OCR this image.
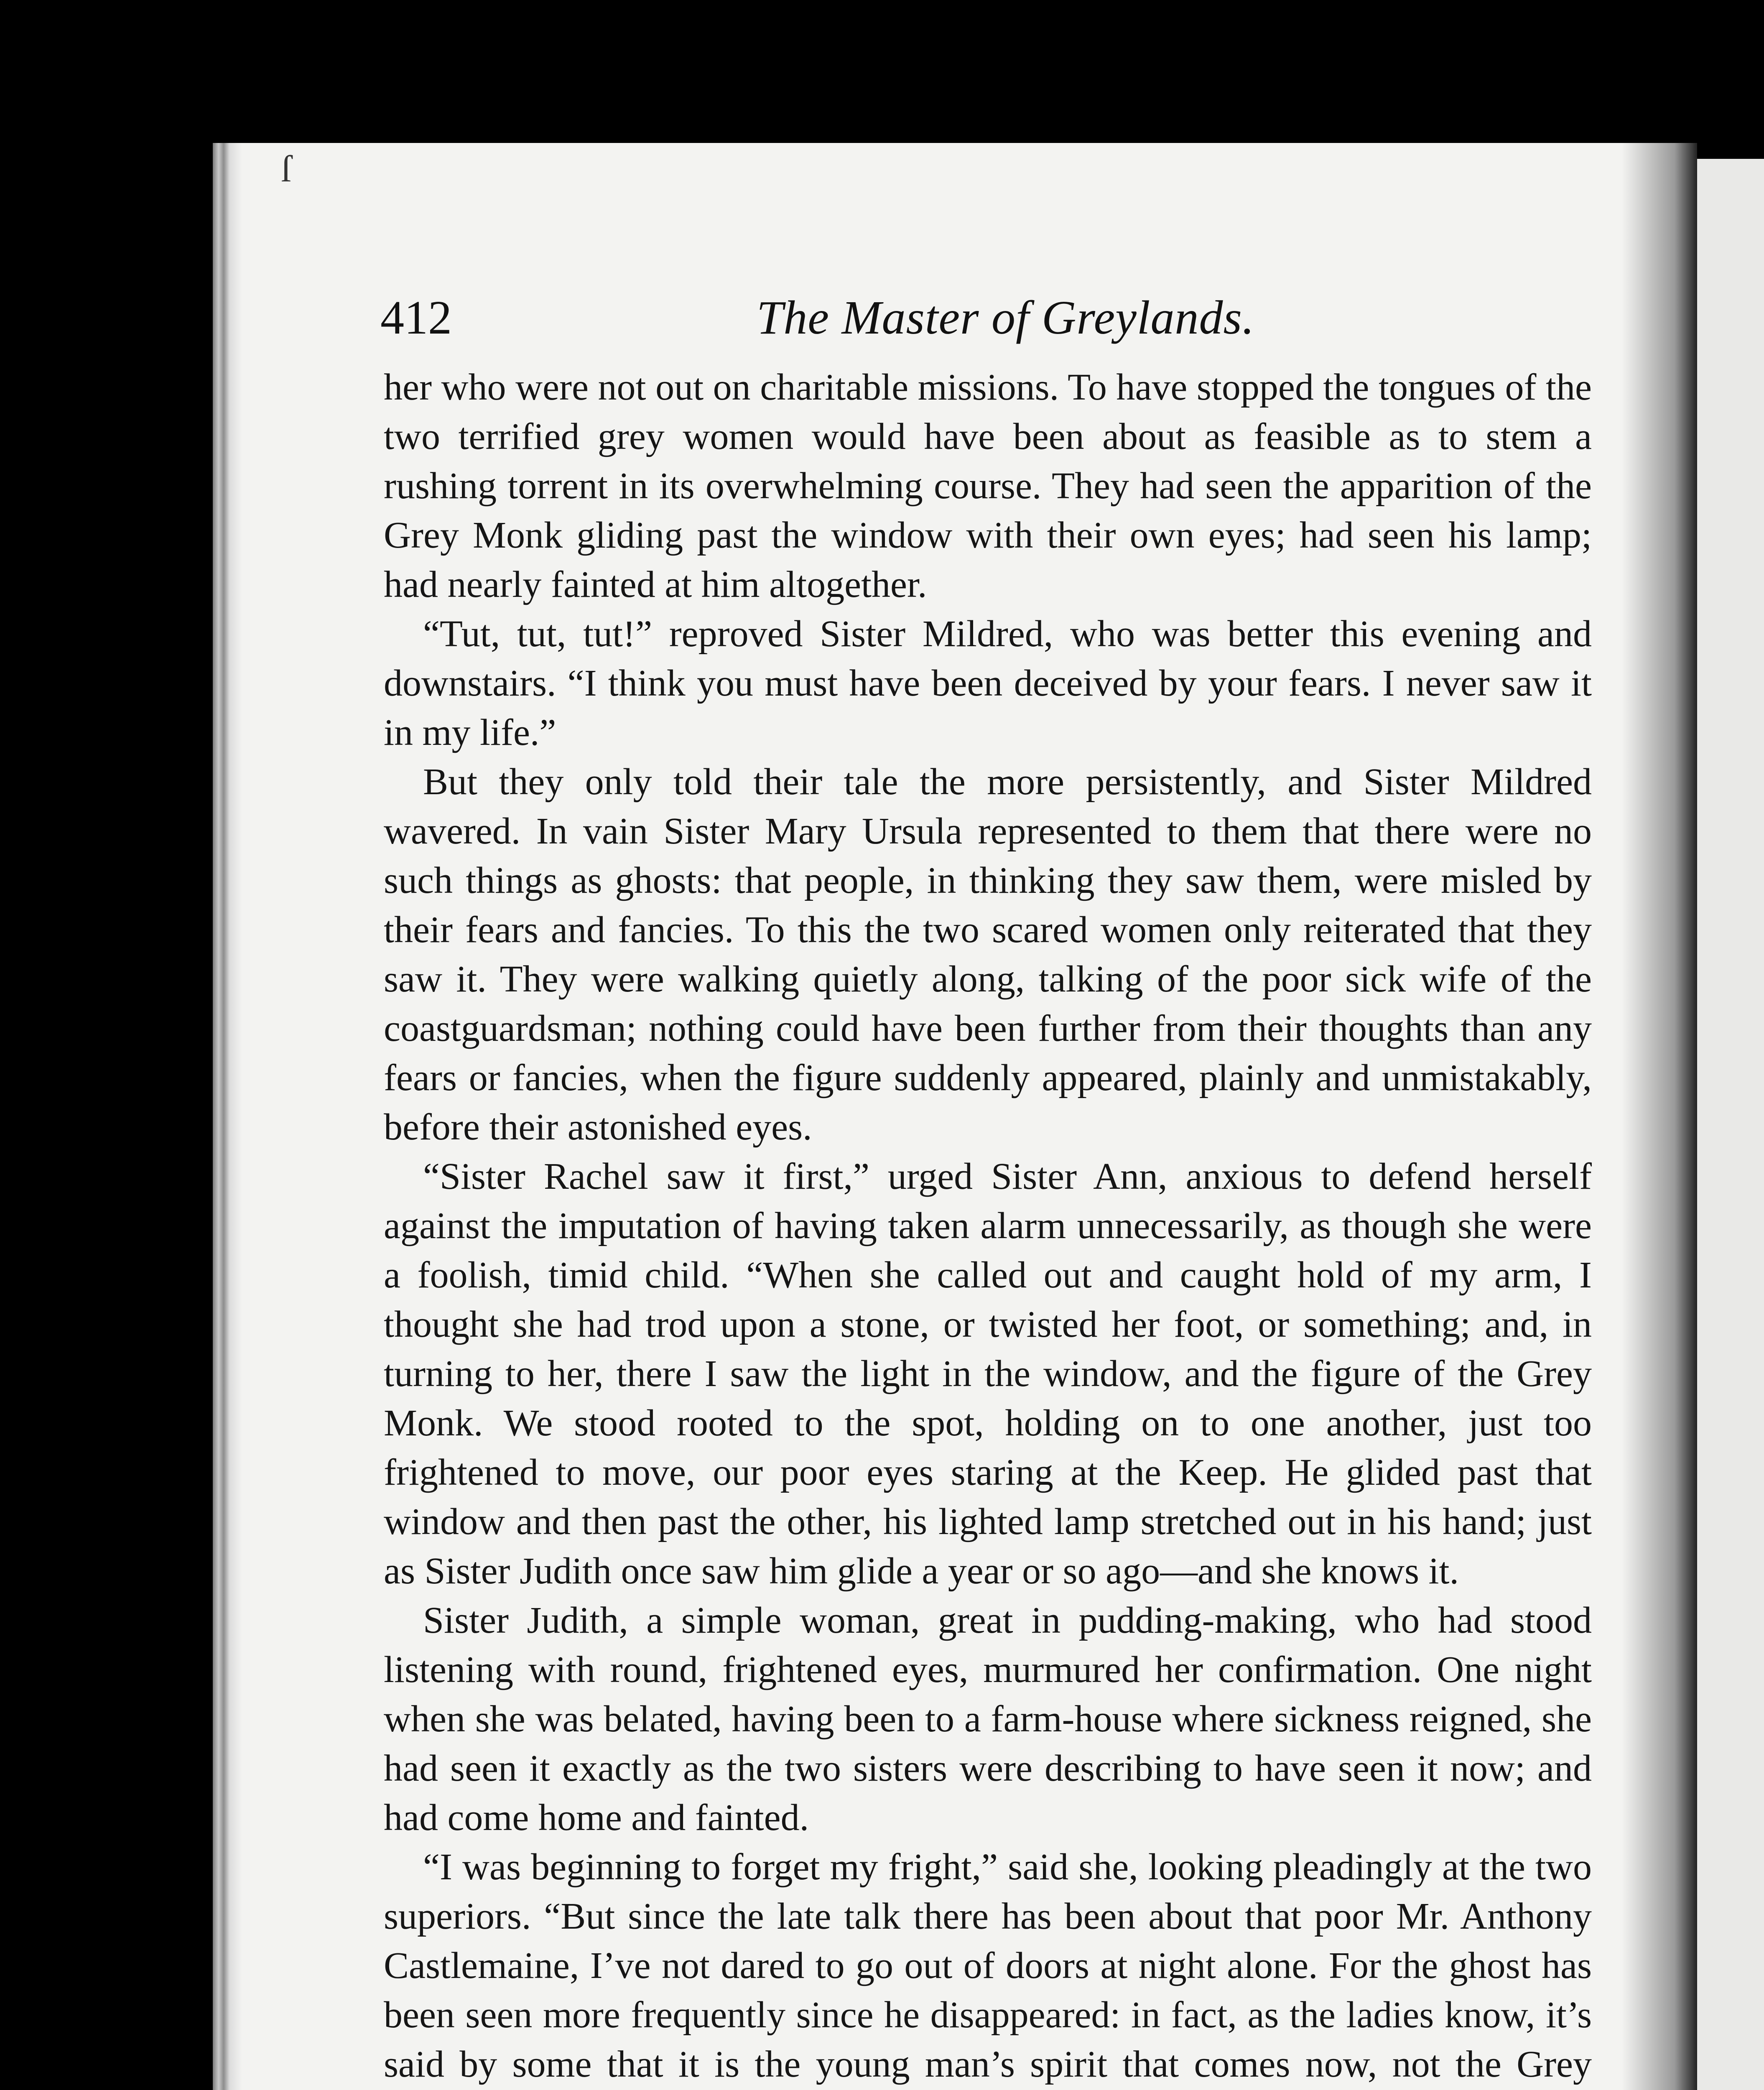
ſ
412	The Master of Greylands.

her who were not out on charitable missions. To have stopped the tongues of the two terrified grey women would have been about as feasible as to stem a rushing torrent in its overwhelming course. They had seen the apparition of the Grey Monk gliding past the window with their own eyes; had seen his lamp; had nearly fainted at him altogether.

“Tut, tut, tut!” reproved Sister Mildred, who was better this evening and downstairs. “I think you must have been deceived by your fears. I never saw it in my life.”

But they only told their tale the more persistently, and Sister Mildred wavered. In vain Sister Mary Ursula represented to them that there were no such things as ghosts: that people, in thinking they saw them, were misled by their fears and fancies. To this the two scared women only reiterated that they saw it. They were walking quietly along, talking of the poor sick wife of the coastguardsman; nothing could have been further from their thoughts than any fears or fancies, when the figure suddenly appeared, plainly and unmistakably, before their astonished eyes.

“Sister Rachel saw it first,” urged Sister Ann, anxious to defend herself against the imputation of having taken alarm unnecessarily, as though she were a foolish, timid child. “When she called out and caught hold of my arm, I thought she had trod upon a stone, or twisted her foot, or something; and, in turning to her, there I saw the light in the window, and the figure of the Grey Monk. We stood rooted to the spot, holding on to one another, just too frightened to move, our poor eyes staring at the Keep. He glided past that window and then past the other, his lighted lamp stretched out in his hand; just as Sister Judith once saw him glide a year or so ago—and she knows it.

Sister Judith, a simple woman, great in pudding-making, who had stood listening with round, frightened eyes, murmured her confirmation. One night when she was belated, having been to a farm-house where sickness reigned, she had seen it exactly as the two sisters were describing to have seen it now; and had come home and fainted.

“I was beginning to forget my fright,” said she, looking pleadingly at the two superiors. “But since the late talk there has been about that poor Mr. Anthony Castlemaine, I’ve not dared to go out of doors at night alone. For the ghost has been seen more frequently since he disappeared: in fact, as the ladies know, it’s said by some that it is the young man’s spirit that comes now, not the Grey
